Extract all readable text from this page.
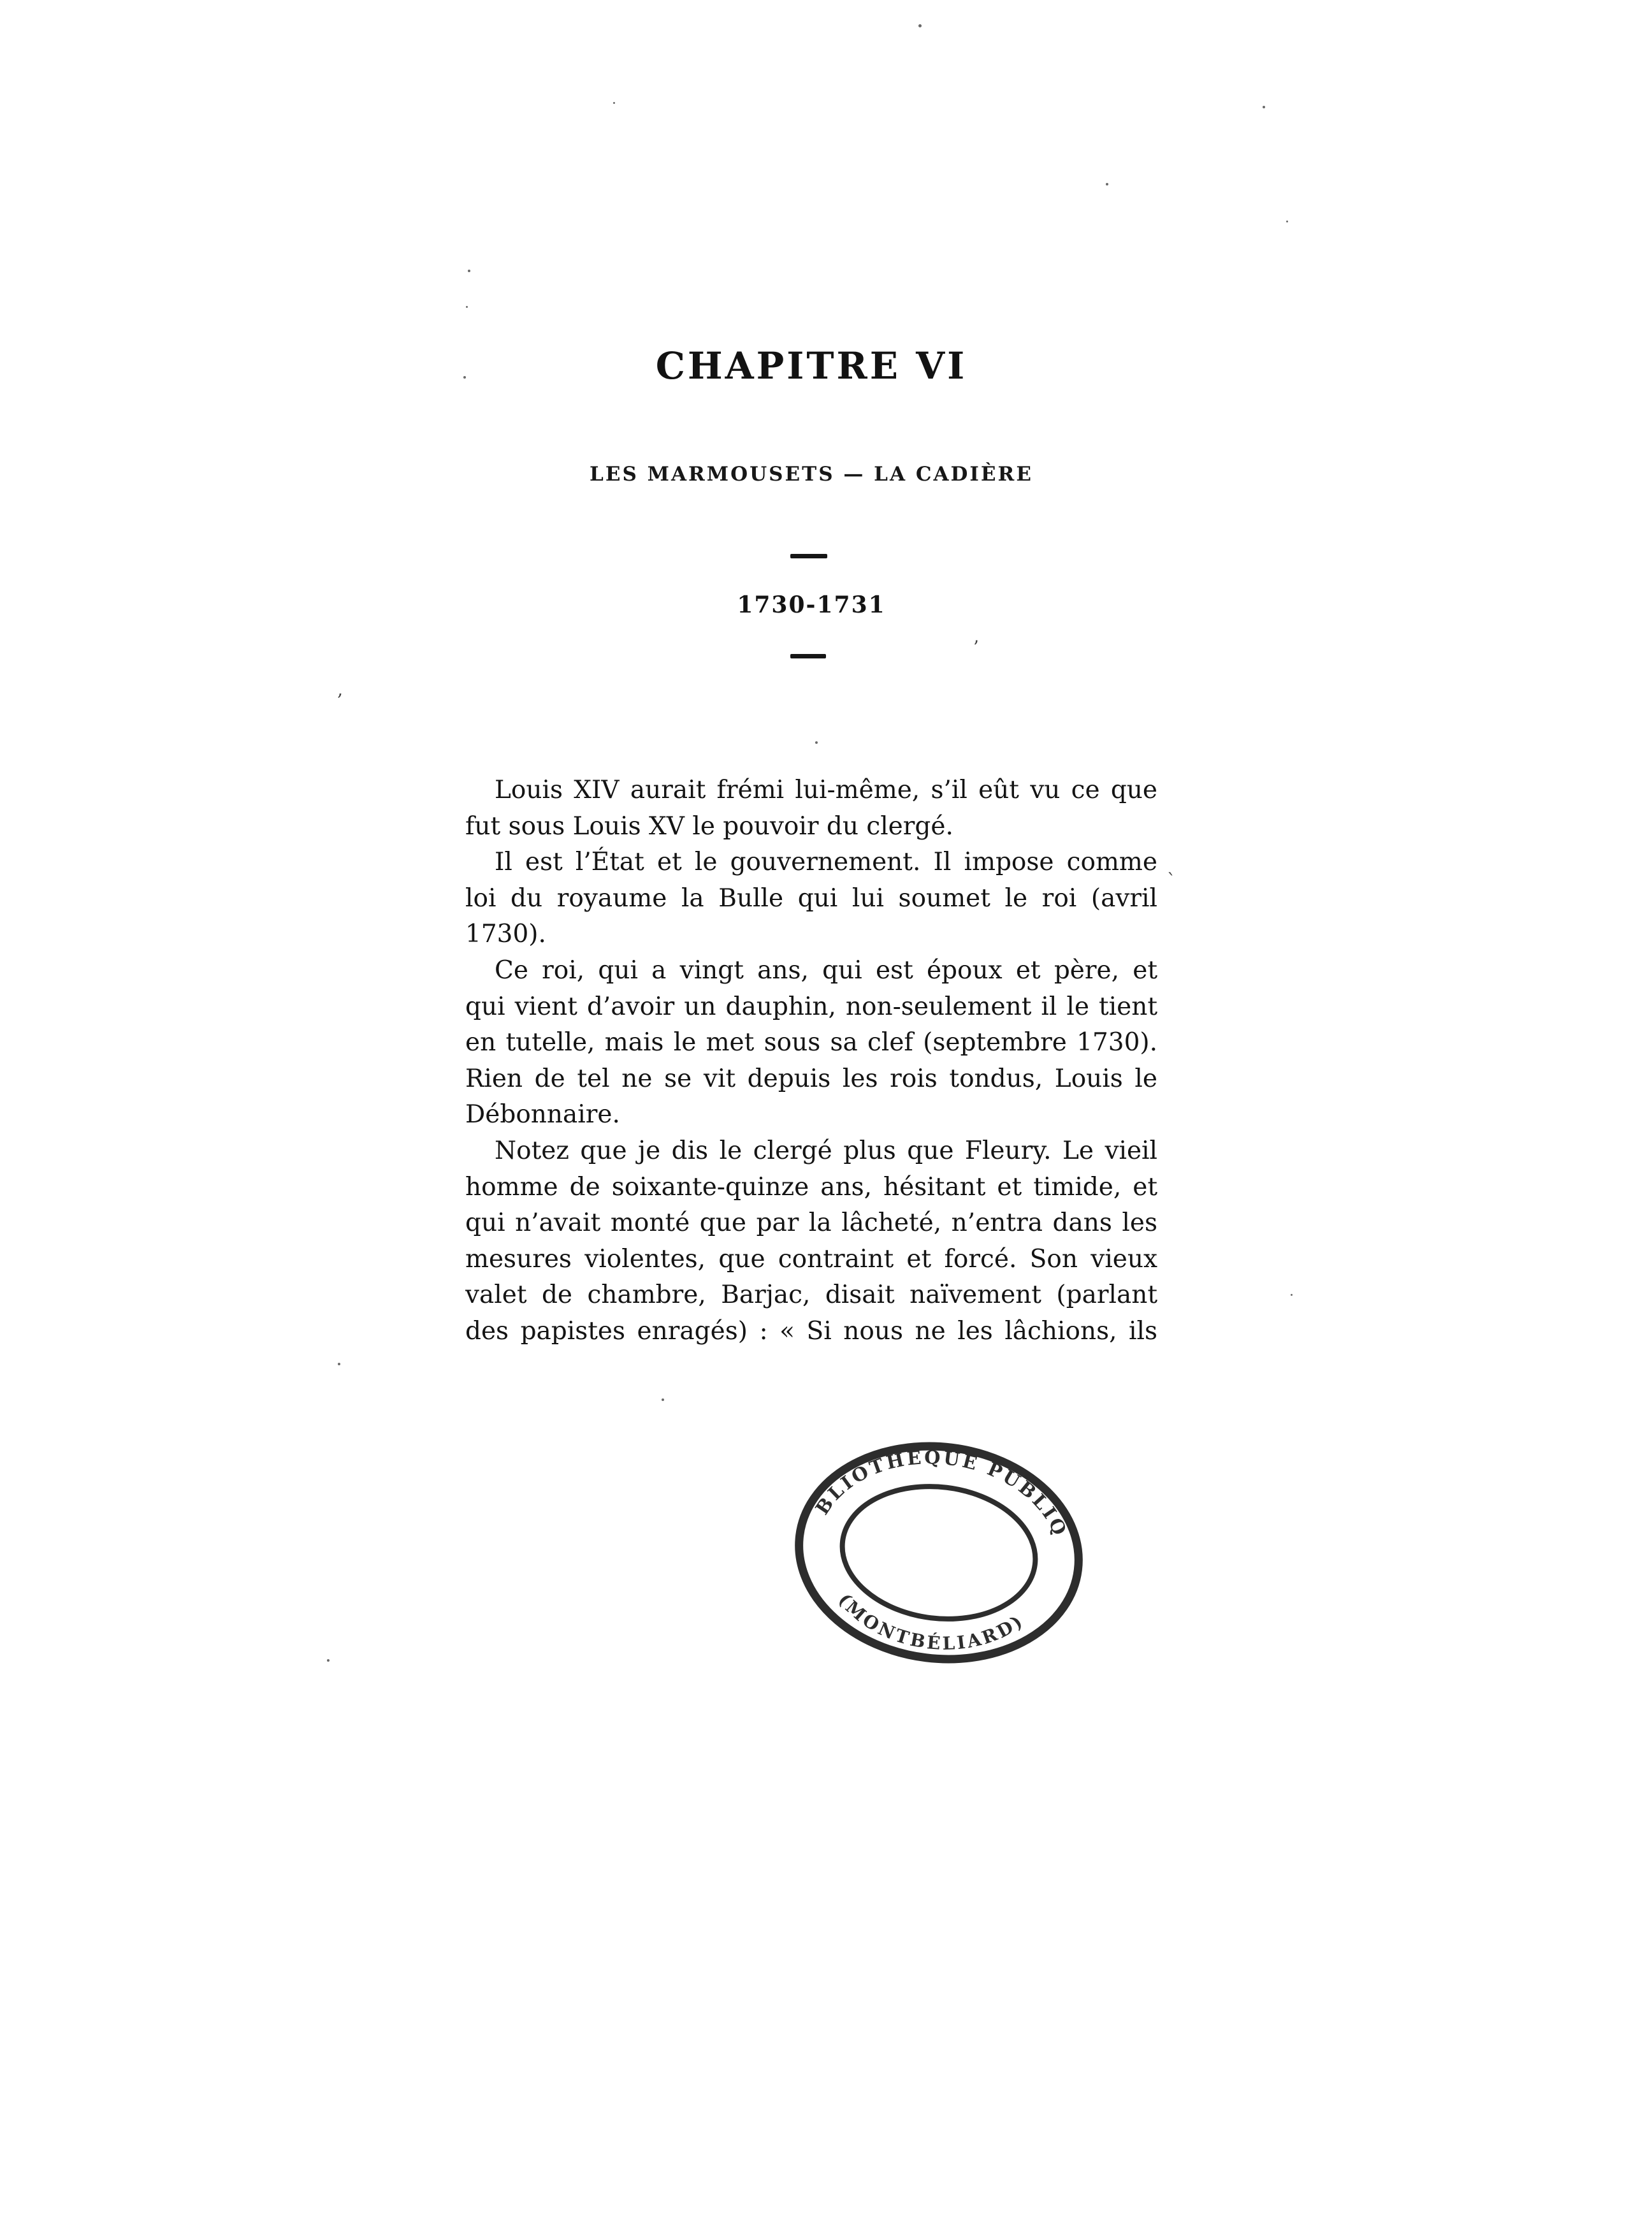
CHAPITRE VI
LES MARMOUSETS — LA CADIÈRE
1730-1731
Louis XIV aurait frémi lui-même, s’il eût vu ce que
fut sous Louis XV le pouvoir du clergé.
Il est l’État et le gouvernement. Il impose comme
loi du royaume la Bulle qui lui soumet le roi (avril
1730).
Ce roi, qui a vingt ans, qui est époux et père, et
qui vient d’avoir un dauphin, non-seulement il le tient
en tutelle, mais le met sous sa clef (septembre 1730).
Rien de tel ne se vit depuis les rois tondus, Louis le
Débonnaire.
Notez que je dis le clergé plus que Fleury. Le vieil
homme de soixante-quinze ans, hésitant et timide, et
qui n’avait monté que par la lâcheté, n’entra dans les
mesures violentes, que contraint et forcé. Son vieux
valet de chambre, Barjac, disait naïvement (parlant
des papistes enragés) : « Si nous ne les lâchions, ils
BIBLIOTHÈQUE PUBLIQUE
(MONTBÉLIARD)
‚
’
`
